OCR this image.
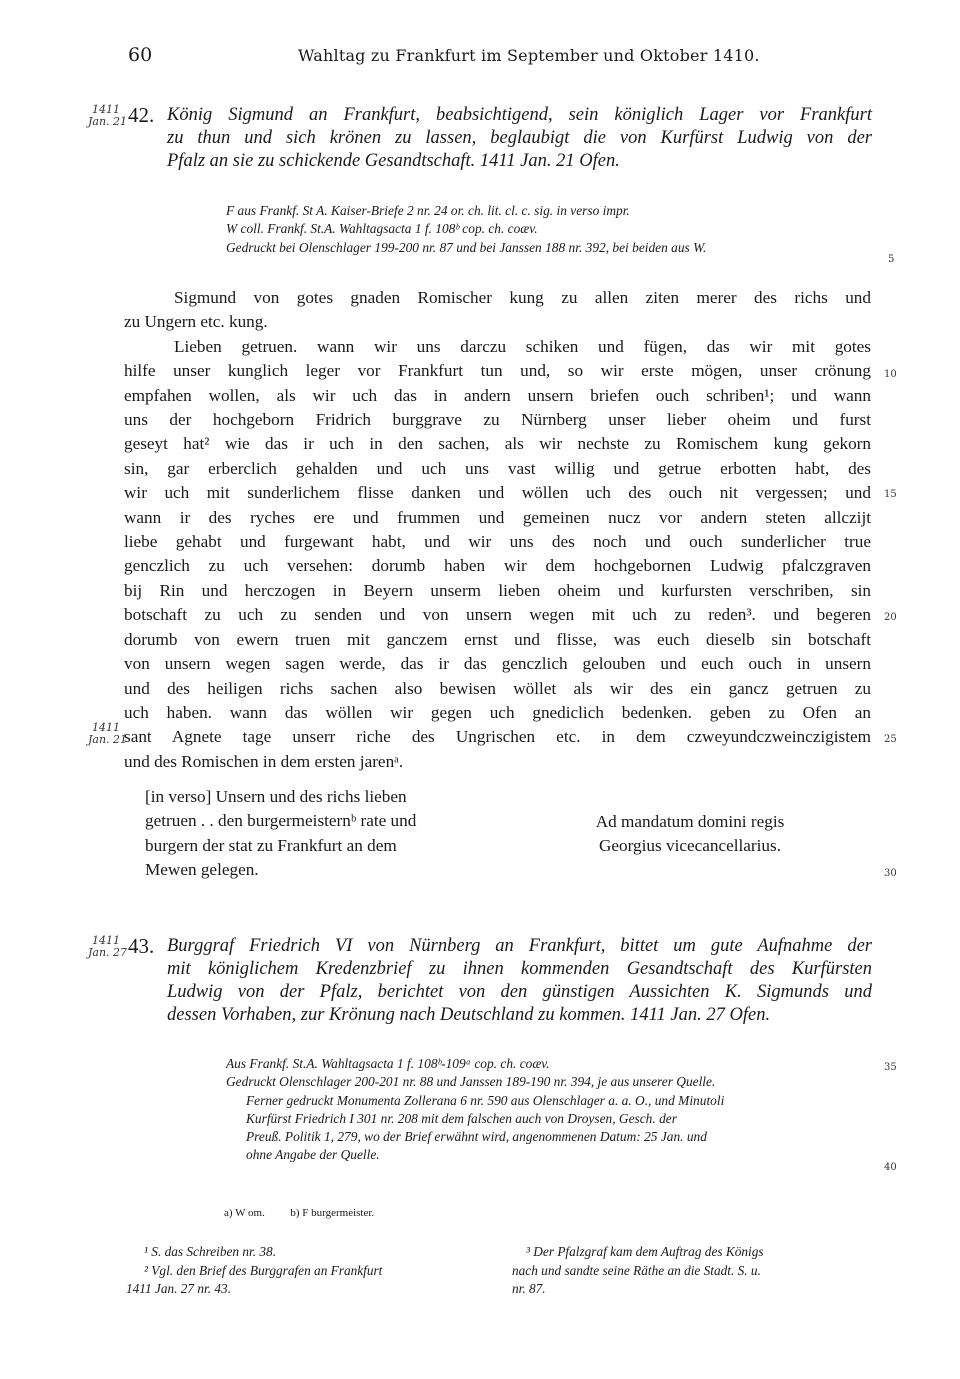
60	Wahltag zu Frankfurt im September und Oktober 1410.
1411
Jan. 21 42. König Sigmund an Frankfurt, beabsichtigend, sein königlich Lager vor Frankfurt
zu thun und sich krönen zu lassen, beglaubigt die von Kurfürst Ludwig von der
Pfalz an sie zu schickende Gesandtschaft. 1411 Jan. 21 Ofen.

F aus Frankf. St A. Kaiser-Briefe 2 nr. 24 or. ch. lit. cl. c. sig. in verso impr.
W coll. Frankf. St.A. Wahltagsacta 1 f. 108ᵇ cop. ch. coæv.
Gedruckt bei Olenschlager 199-200 nr. 87 und bei Janssen 188 nr. 392, bei beiden aus W.

Sigmund von gotes gnaden Romischer kung zu allen ziten merer des richs und
zu Ungern etc. kung.
Lieben getruen. wann wir uns darczu schiken und fügen, das wir mit gotes
hilfe unser kunglich leger vor Frankfurt tun und, so wir erste mögen, unser crönung
empfahen wollen, als wir uch das in andern unsern briefen ouch schriben¹; und wann
uns der hochgeborn Fridrich burggrave zu Nürnberg unser lieber oheim und furst
geseyt hat² wie das ir uch in den sachen, als wir nechste zu Romischem kung gekorn
sin, gar erberclich gehalden und uch uns vast willig und getrue erbotten habt, des
wir uch mit sunderlichem flisse danken und wöllen uch des ouch nit vergessen; und
wann ir des ryches ere und frummen und gemeinen nucz vor andern steten allczijt
liebe gehabt und furgewant habt, und wir uns des noch und ouch sunderlicher true
genczlich zu uch versehen: dorumb haben wir dem hochgebornen Ludwig pfalczgraven
bij Rin und herczogen in Beyern unserm lieben oheim und kurfursten verschriben, sin
botschaft zu uch zu senden und von unsern wegen mit uch zu reden³. und begeren
dorumb von ewern truen mit ganczem ernst und flisse, was euch dieselb sin botschaft
von unsern wegen sagen werde, das ir das genczlich gelouben und euch ouch in unsern
und des heiligen richs sachen also bewisen wöllet als wir des ein gancz getruen zu
uch haben. wann das wöllen wir gegen uch gnediclich bedenken. geben zu Ofen an
sant Agnete tage unserr riche des Ungrischen etc. in dem czweyundczweinczigistem
und des Romischen in dem ersten jarenᵃ.

1411
Jan. 21

[in verso] Unsern und des richs lieben
getruen . . den burgermeisternᵇ rate und
burgern der stat zu Frankfurt an dem
Mewen gelegen.

Ad mandatum domini regis
Georgius vicecancellarius.

1411
Jan. 27 43. Burggraf Friedrich VI von Nürnberg an Frankfurt, bittet um gute Aufnahme der
mit königlichem Kredenzbrief zu ihnen kommenden Gesandtschaft des Kurfürsten
Ludwig von der Pfalz, berichtet von den günstigen Aussichten K. Sigmunds und
dessen Vorhaben, zur Krönung nach Deutschland zu kommen. 1411 Jan. 27 Ofen.

Aus Frankf. St.A. Wahltagsacta 1 f. 108ᵇ-109ᵃ cop. ch. coæv.
Gedruckt Olenschlager 200-201 nr. 88 und Janssen 189-190 nr. 394, je aus unserer Quelle.
Ferner gedruckt Monumenta Zollerana 6 nr. 590 aus Olenschlager a. a. O., und Minutoli
Kurfürst Friedrich I 301 nr. 208 mit dem falschen auch von Droysen, Gesch. der
Preuß. Politik 1, 279, wo der Brief erwähnt wird, angenommenen Datum: 25 Jan. und
ohne Angabe der Quelle.

a) W om. b) F burgermeister.

¹ S. das Schreiben nr. 38.
² Vgl. den Brief des Burggrafen an Frankfurt
1411 Jan. 27 nr. 43.

³ Der Pfalzgraf kam dem Auftrag des Königs
nach und sandte seine Räthe an die Stadt. S. u.
nr. 87.

5
10
15
20
25
30
35
40
